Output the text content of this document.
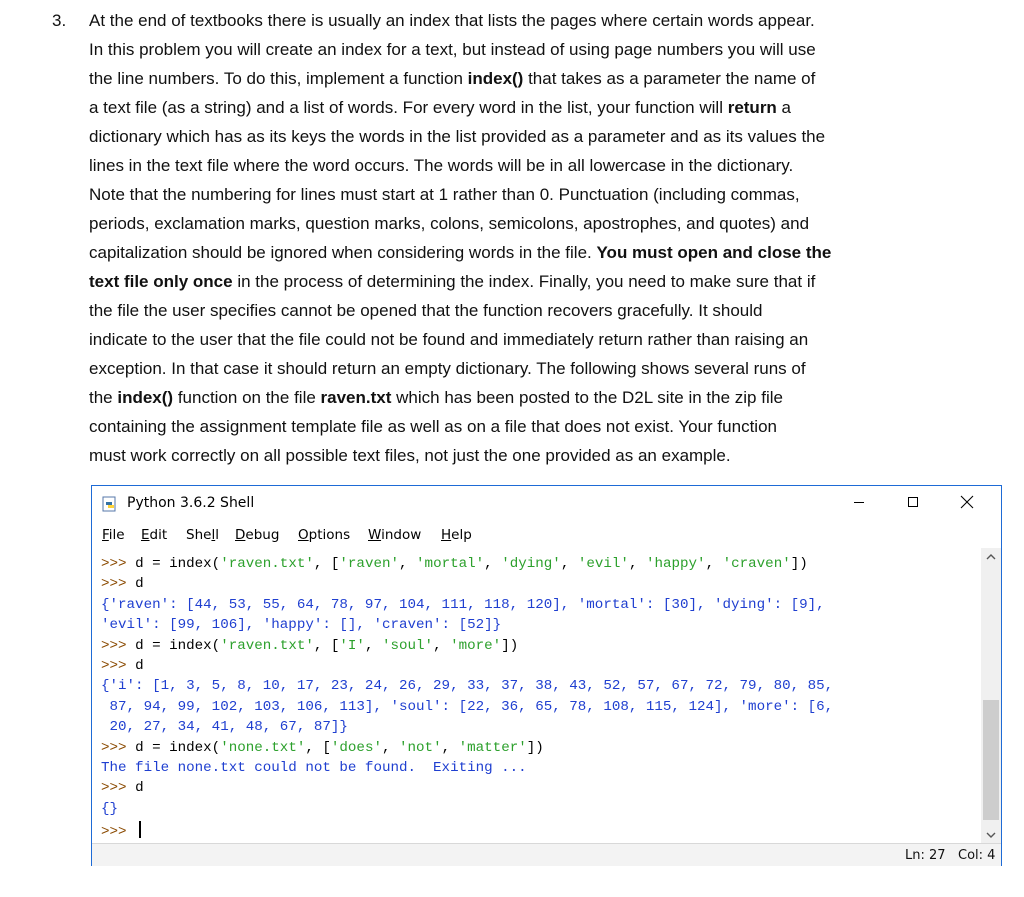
3. At the end of textbooks there is usually an index that lists the pages where certain words appear.

In this problem you will create an index for a text, but instead of using page numbers you will use

the line numbers. To do this, implement a function index() that takes as a parameter the name of

a text file (as a string) and a list of words. For every word in the list, your function will return a

dictionary which has as its keys the words in the list provided as a parameter and as its values the

lines in the text file where the word occurs. The words will be in all lowercase in the dictionary.

Note that the numbering for lines must start at 1 rather than 0. Punctuation (including commas,

periods, exclamation marks, question marks, colons, semicolons, apostrophes, and quotes) and

capitalization should be ignored when considering words in the file. You must open and close the

text file only once in the process of determining the index. Finally, you need to make sure that if

the file the user specifies cannot be opened that the function recovers gracefully. It should

indicate to the user that the file could not be found and immediately return rather than raising an

exception. In that case it should return an empty dictionary. The following shows several runs of

the index() function on the file raven.txt which has been posted to the D2L site in the zip file

containing the assignment template file as well as on a file that does not exist. Your function

must work correctly on all possible text files, not just the one provided as an example.

Python 3.6.2 Shell
File Edit Shell Debug Options Window Help
>>> d = index('raven.txt', ['raven', 'mortal', 'dying', 'evil', 'happy', 'craven'])
>>> d
{'raven': [44, 53, 55, 64, 78, 97, 104, 111, 118, 120], 'mortal': [30], 'dying': [9],
'evil': [99, 106], 'happy': [], 'craven': [52]}
>>> d = index('raven.txt', ['I', 'soul', 'more'])
>>> d
{'i': [1, 3, 5, 8, 10, 17, 23, 24, 26, 29, 33, 37, 38, 43, 52, 57, 67, 72, 79, 80, 85,
87, 94, 99, 102, 103, 106, 113], 'soul': [22, 36, 65, 78, 108, 115, 124], 'more': [6,
20, 27, 34, 41, 48, 67, 87]}
>>> d = index('none.txt', ['does', 'not', 'matter'])
The file none.txt could not be found.  Exiting ...
>>> d
{}
>>>
Ln: 27 Col: 4
